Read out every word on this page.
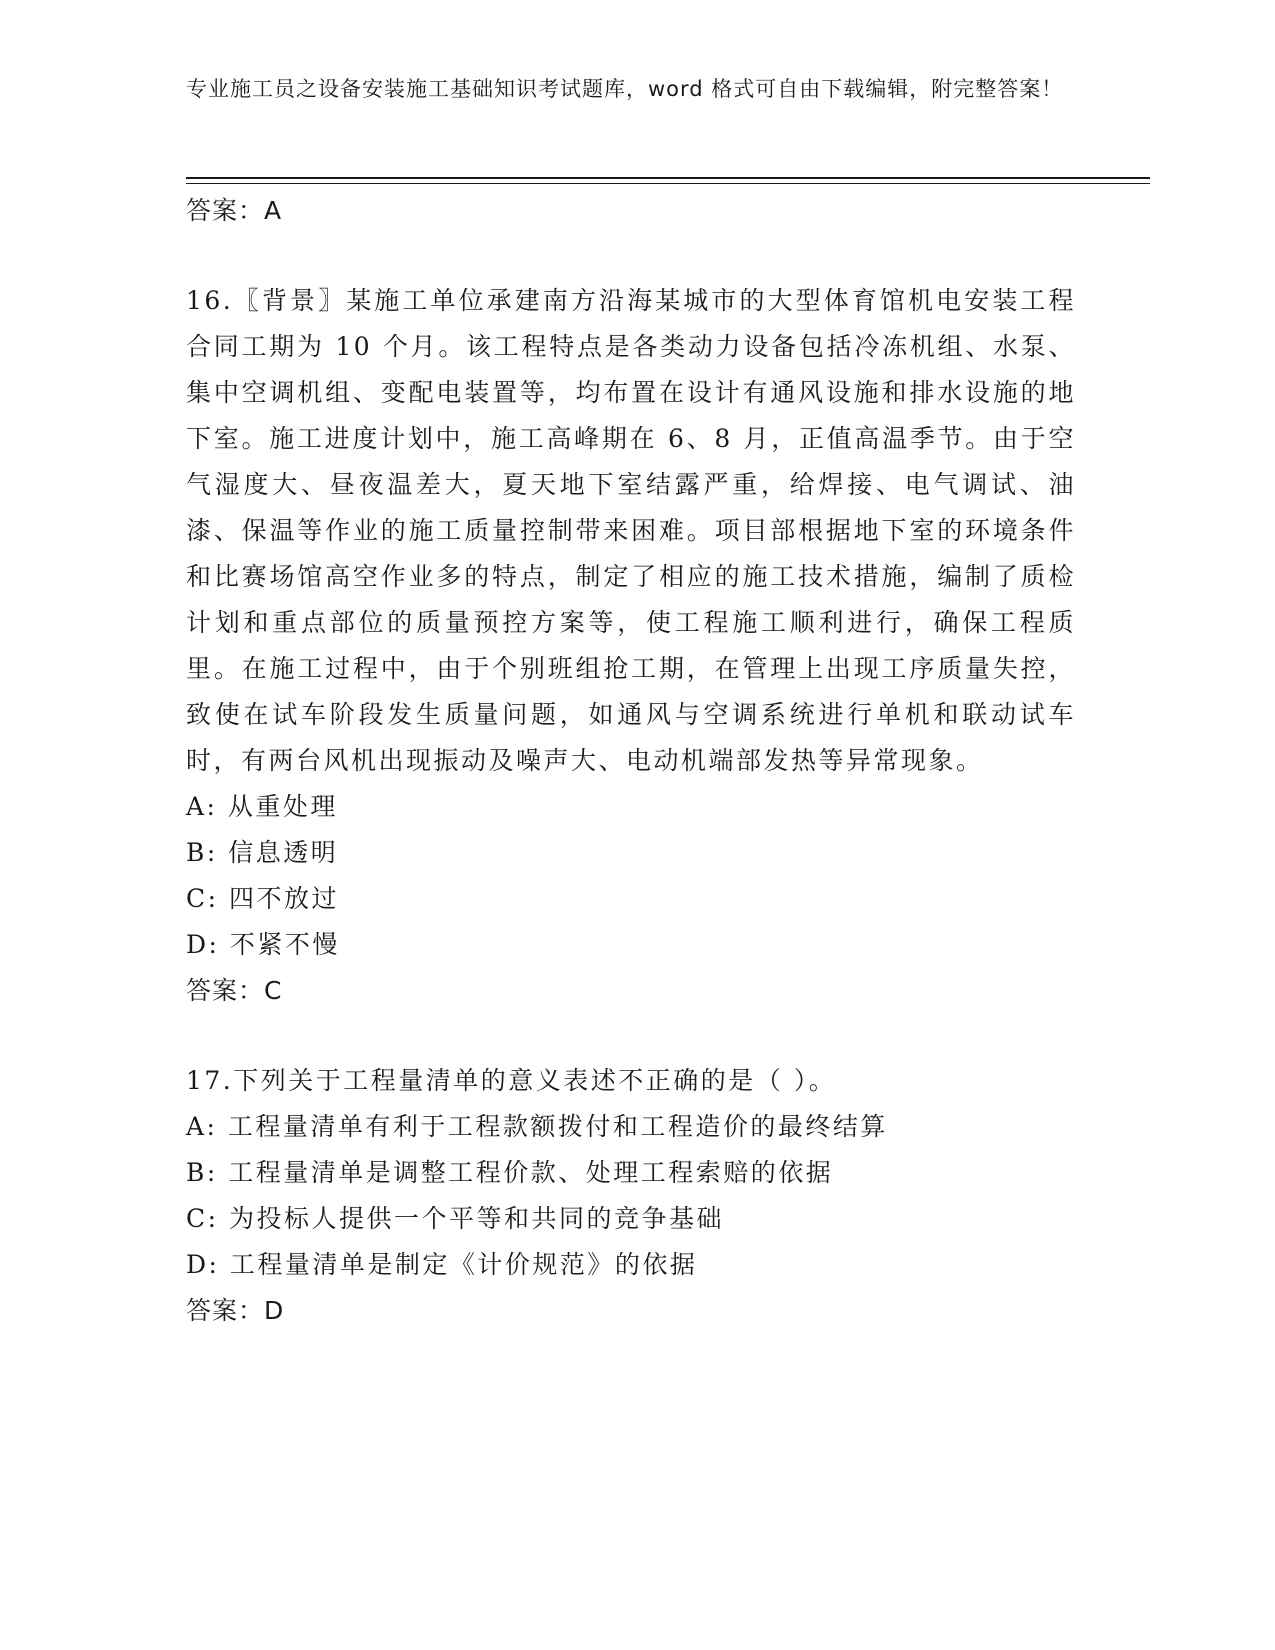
专业施工员之设备安装施工基础知识考试题库，word 格式可自由下载编辑，附完整答案！
答案：A
16.〖背景〗某施工单位承建南方沿海某城市的大型体育馆机电安装工程合同工期为 10 个月。该工程特点是各类动力设备包括冷冻机组、水泵、集中空调机组、变配电装置等，均布置在设计有通风设施和排水设施的地下室。施工进度计划中，施工高峰期在 6、8 月，正值高温季节。由于空气湿度大、昼夜温差大，夏天地下室结露严重，给焊接、电气调试、油漆、保温等作业的施工质量控制带来困难。项目部根据地下室的环境条件和比赛场馆高空作业多的特点，制定了相应的施工技术措施，编制了质检计划和重点部位的质量预控方案等，使工程施工顺利进行，确保工程质里。在施工过程中，由于个别班组抢工期，在管理上出现工序质量失控，致使在试车阶段发生质量问题，如通风与空调系统进行单机和联动试车时，有两台风机出现振动及噪声大、电动机端部发热等异常现象。
A: 从重处理
B: 信息透明
C: 四不放过
D: 不紧不慢
答案：C
17.下列关于工程量清单的意义表述不正确的是（ ）。
A: 工程量清单有利于工程款额拨付和工程造价的最终结算
B: 工程量清单是调整工程价款、处理工程索赔的依据
C: 为投标人提供一个平等和共同的竞争基础
D: 工程量清单是制定《计价规范》的依据
答案：D
